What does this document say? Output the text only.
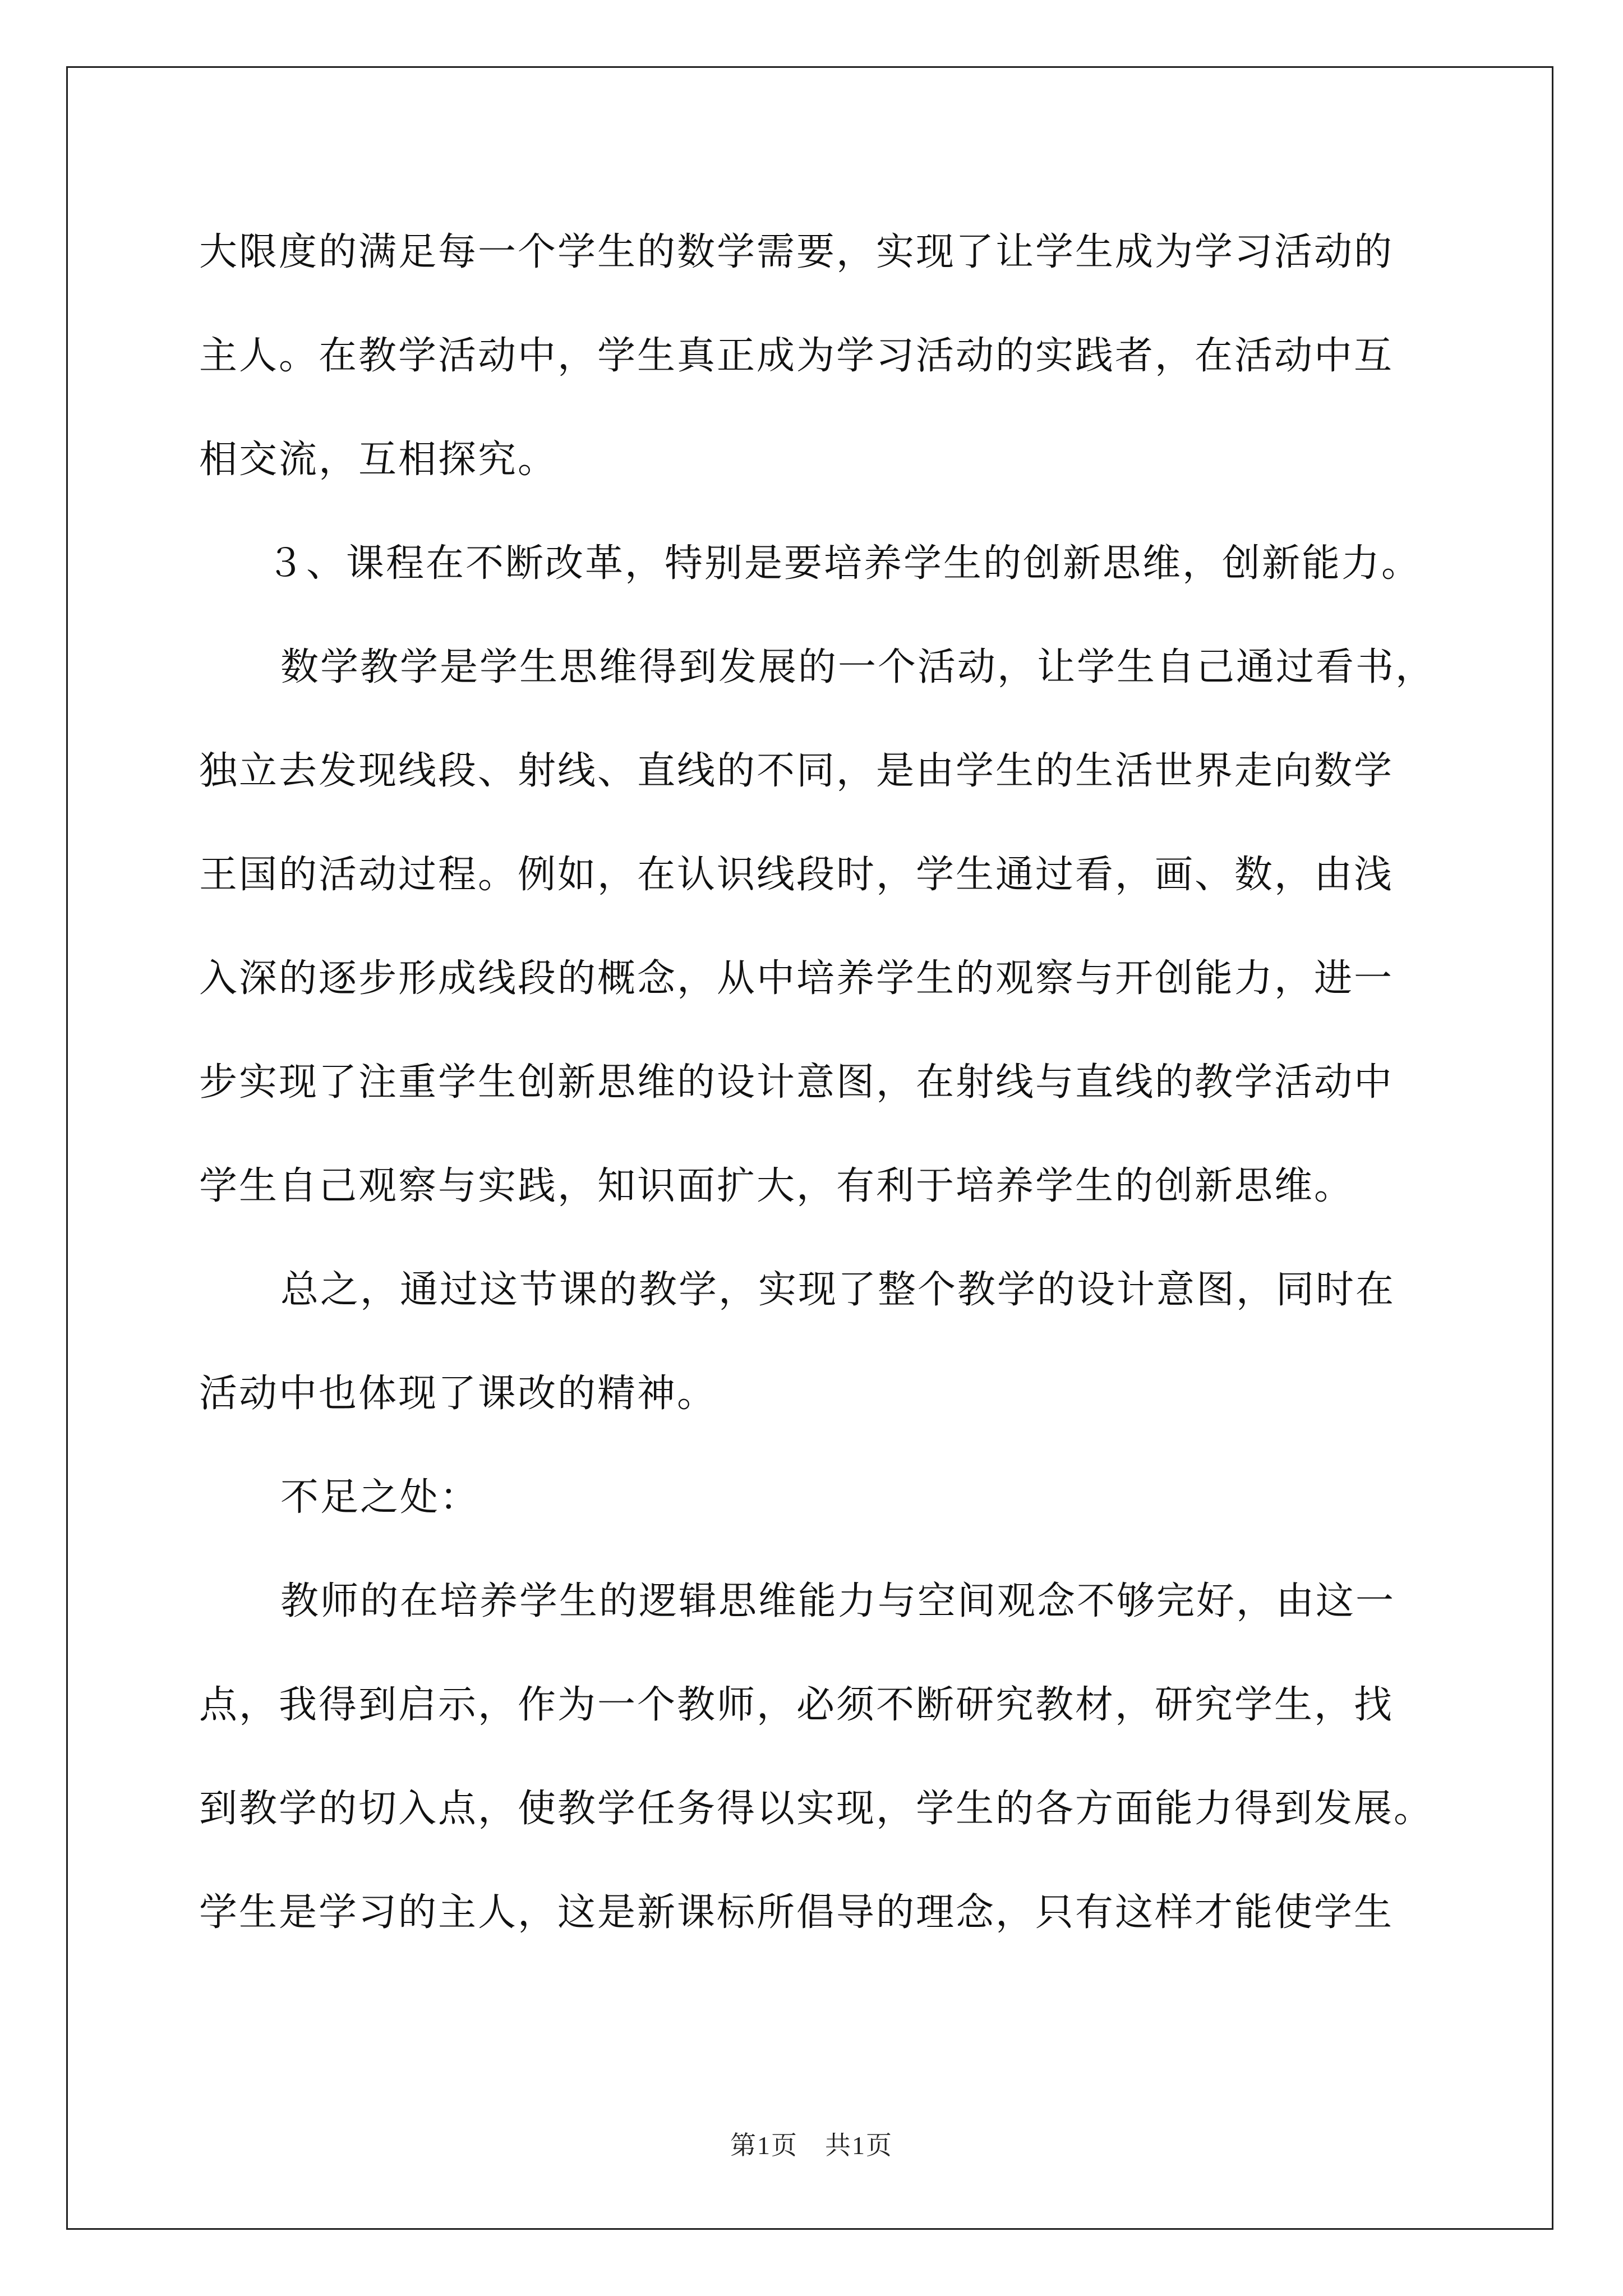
大限度的满足每一个学生的数学需要，实现了让学生成为学习活动的
主人。在教学活动中，学生真正成为学习活动的实践者，在活动中互
相交流，互相探究。
３、课程在不断改革，特别是要培养学生的创新思维，创新能力。
数学教学是学生思维得到发展的一个活动，让学生自己通过看书，
独立去发现线段、射线、直线的不同，是由学生的生活世界走向数学
王国的活动过程。例如，在认识线段时，学生通过看，画、数，由浅
入深的逐步形成线段的概念，从中培养学生的观察与开创能力，进一
步实现了注重学生创新思维的设计意图，在射线与直线的教学活动中
学生自己观察与实践，知识面扩大，有利于培养学生的创新思维。
总之，通过这节课的教学，实现了整个教学的设计意图，同时在
活动中也体现了课改的精神。
不足之处：
教师的在培养学生的逻辑思维能力与空间观念不够完好，由这一
点，我得到启示，作为一个教师，必须不断研究教材，研究学生，找
到教学的切入点，使教学任务得以实现，学生的各方面能力得到发展。
学生是学习的主人，这是新课标所倡导的理念，只有这样才能使学生
第1页　共1页
